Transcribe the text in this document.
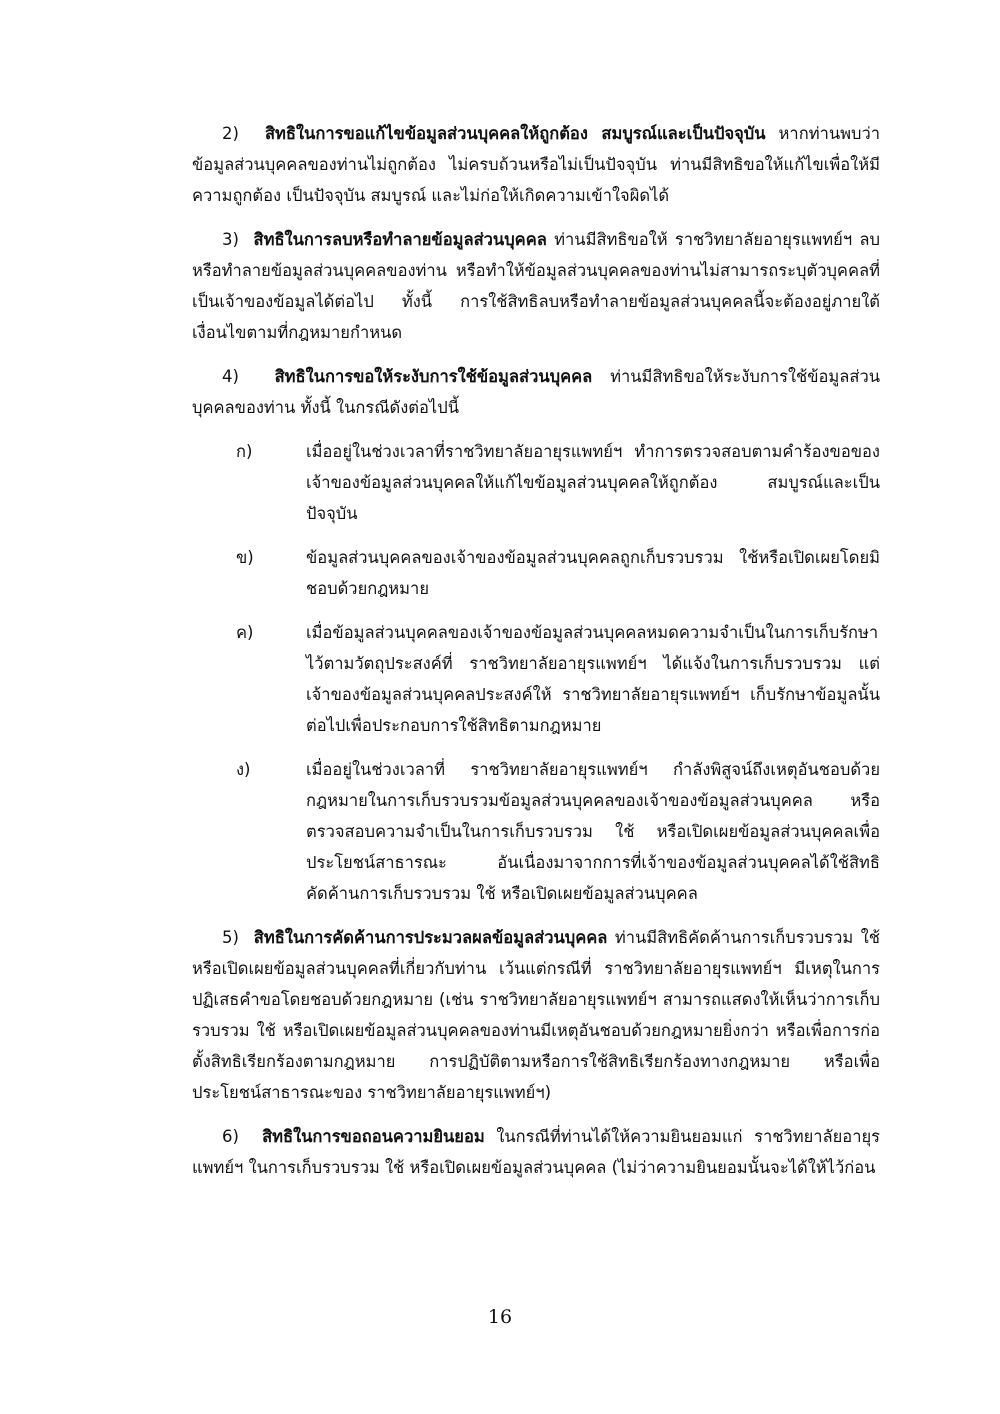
2) สิทธิในการขอแก้ไขข้อมูลส่วนบุคคลให้ถูกต้อง สมบูรณ์และเป็นปัจจุบัน หากท่านพบว่าข้อมูลส่วนบุคคลของท่านไม่ถูกต้อง ไม่ครบถ้วนหรือไม่เป็นปัจจุบัน ท่านมีสิทธิขอให้แก้ไขเพื่อให้มีความถูกต้อง เป็นปัจจุบัน สมบูรณ์ และไม่ก่อให้เกิดความเข้าใจผิดได้

3) สิทธิในการลบหรือทำลายข้อมูลส่วนบุคคล ท่านมีสิทธิขอให้ ราชวิทยาลัยอายุรแพทย์ฯ ลบหรือทำลายข้อมูลส่วนบุคคลของท่าน หรือทำให้ข้อมูลส่วนบุคคลของท่านไม่สามารถระบุตัวบุคคลที่เป็นเจ้าของข้อมูลได้ต่อไป ทั้งนี้ การใช้สิทธิลบหรือทำลายข้อมูลส่วนบุคคลนี้จะต้องอยู่ภายใต้เงื่อนไขตามที่กฎหมายกำหนด

4) สิทธิในการขอให้ระงับการใช้ข้อมูลส่วนบุคคล ท่านมีสิทธิขอให้ระงับการใช้ข้อมูลส่วนบุคคลของท่าน ทั้งนี้ ในกรณีดังต่อไปนี้

ก)	เมื่ออยู่ในช่วงเวลาที่ราชวิทยาลัยอายุรแพทย์ฯ ทำการตรวจสอบตามคำร้องขอของเจ้าของข้อมูลส่วนบุคคลให้แก้ไขข้อมูลส่วนบุคคลให้ถูกต้อง สมบูรณ์และเป็นปัจจุบัน
ข)	ข้อมูลส่วนบุคคลของเจ้าของข้อมูลส่วนบุคคลถูกเก็บรวบรวม ใช้หรือเปิดเผยโดยมิชอบด้วยกฎหมาย
ค)	เมื่อข้อมูลส่วนบุคคลของเจ้าของข้อมูลส่วนบุคคลหมดความจำเป็นในการเก็บรักษาไว้ตามวัตถุประสงค์ที่ ราชวิทยาลัยอายุรแพทย์ฯ ได้แจ้งในการเก็บรวบรวม แต่เจ้าของข้อมูลส่วนบุคคลประสงค์ให้ ราชวิทยาลัยอายุรแพทย์ฯ เก็บรักษาข้อมูลนั้นต่อไปเพื่อประกอบการใช้สิทธิตามกฎหมาย
ง)	เมื่ออยู่ในช่วงเวลาที่ ราชวิทยาลัยอายุรแพทย์ฯ กำลังพิสูจน์ถึงเหตุอันชอบด้วยกฎหมายในการเก็บรวบรวมข้อมูลส่วนบุคคลของเจ้าของข้อมูลส่วนบุคคล หรือตรวจสอบความจำเป็นในการเก็บรวบรวม ใช้ หรือเปิดเผยข้อมูลส่วนบุคคลเพื่อประโยชน์สาธารณะ อันเนื่องมาจากการที่เจ้าของข้อมูลส่วนบุคคลได้ใช้สิทธิคัดค้านการเก็บรวบรวม ใช้ หรือเปิดเผยข้อมูลส่วนบุคคล

5) สิทธิในการคัดค้านการประมวลผลข้อมูลส่วนบุคคล ท่านมีสิทธิคัดค้านการเก็บรวบรวม ใช้หรือเปิดเผยข้อมูลส่วนบุคคลที่เกี่ยวกับท่าน เว้นแต่กรณีที่ ราชวิทยาลัยอายุรแพทย์ฯ มีเหตุในการปฏิเสธคำขอโดยชอบด้วยกฎหมาย (เช่น ราชวิทยาลัยอายุรแพทย์ฯ สามารถแสดงให้เห็นว่าการเก็บรวบรวม ใช้ หรือเปิดเผยข้อมูลส่วนบุคคลของท่านมีเหตุอันชอบด้วยกฎหมายยิ่งกว่า หรือเพื่อการก่อตั้งสิทธิเรียกร้องตามกฎหมาย การปฏิบัติตามหรือการใช้สิทธิเรียกร้องทางกฎหมาย หรือเพื่อประโยชน์สาธารณะของ ราชวิทยาลัยอายุรแพทย์ฯ)

6) สิทธิในการขอถอนความยินยอม ในกรณีที่ท่านได้ให้ความยินยอมแก่ ราชวิทยาลัยอายุรแพทย์ฯ ในการเก็บรวบรวม ใช้ หรือเปิดเผยข้อมูลส่วนบุคคล (ไม่ว่าความยินยอมนั้นจะได้ให้ไว้ก่อน

16
